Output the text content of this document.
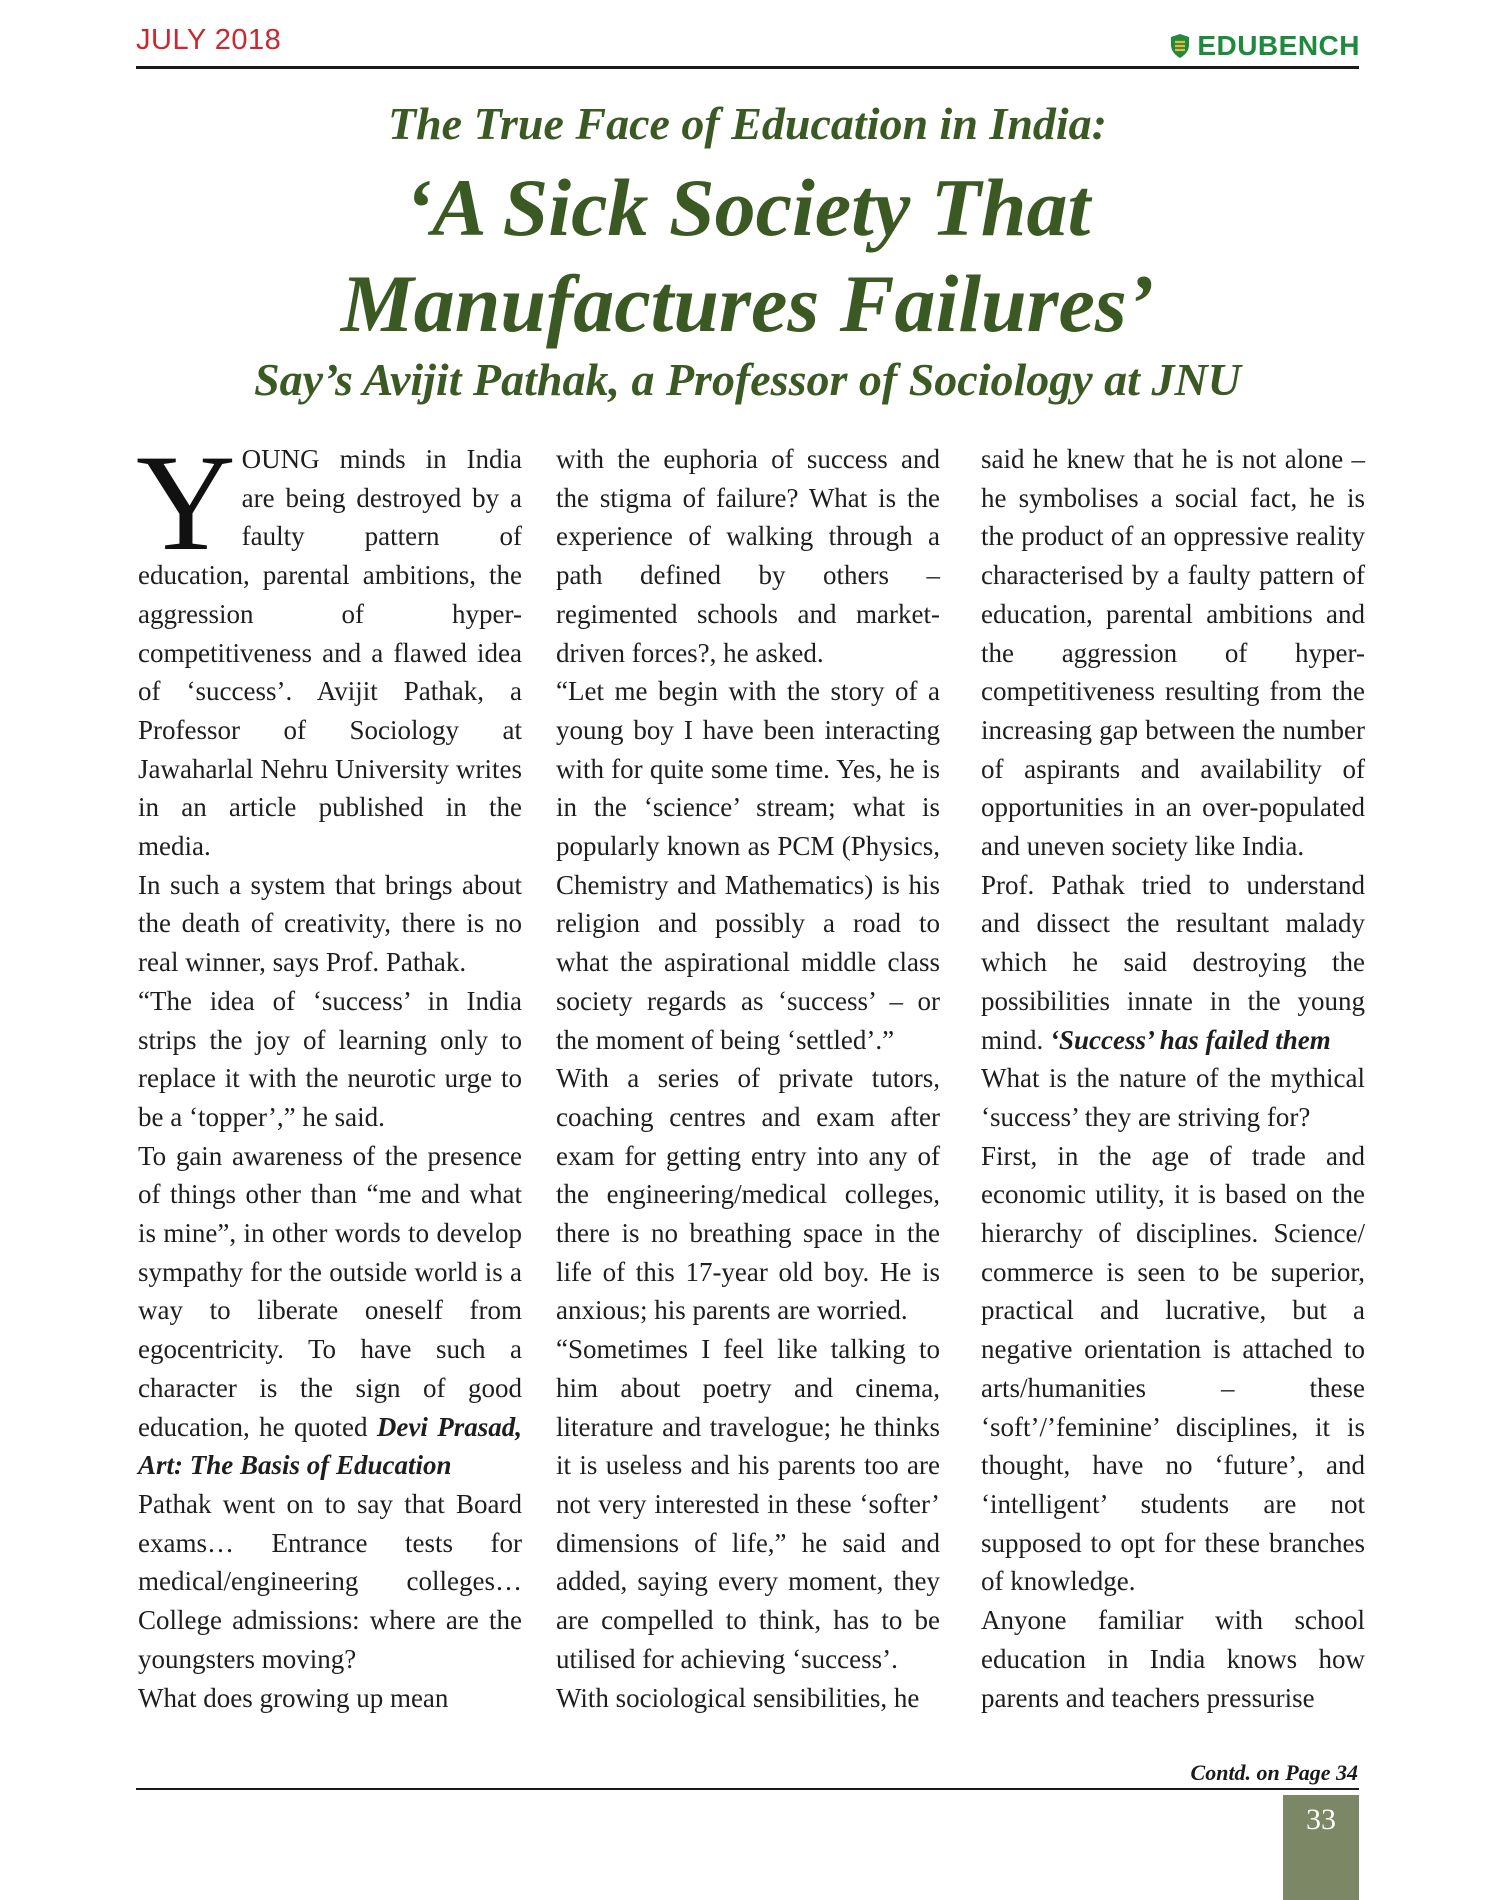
JULY 2018	EDUBENCH
The True Face of Education in India:
‘A Sick Society That
Manufactures Failures’
Say’s Avijit Pathak, a Professor of Sociology at JNU

YOUNG minds in India are being destroyed by a faulty pattern of education, parental ambitions, the aggression of hyper-competitiveness and a flawed idea of ‘success’. Avijit Pathak, a Professor of Sociology at Jawaharlal Nehru University writes in an article published in the media.

In such a system that brings about the death of creativity, there is no real winner, says Prof. Pathak.

“The idea of ‘success’ in India strips the joy of learning only to replace it with the neurotic urge to be a ‘topper’,” he said.

To gain awareness of the presence of things other than “me and what is mine”, in other words to develop sympathy for the outside world is a way to liberate oneself from egocentricity. To have such a character is the sign of good education, he quoted Devi Prasad, Art: The Basis of Education

Pathak went on to say that Board exams… Entrance tests for medical/engineering colleges… College admissions: where are the youngsters moving?

What does growing up mean

with the euphoria of success and the stigma of failure? What is the experience of walking through a path defined by others – regimented schools and market-driven forces?, he asked.

“Let me begin with the story of a young boy I have been interacting with for quite some time. Yes, he is in the ‘science’ stream; what is popularly known as PCM (Physics, Chemistry and Mathematics) is his religion and possibly a road to what the aspirational middle class society regards as ‘success’ – or the moment of being ‘settled’.”

With a series of private tutors, coaching centres and exam after exam for getting entry into any of the engineering/medical colleges, there is no breathing space in the life of this 17-year old boy. He is anxious; his parents are worried.

“Sometimes I feel like talking to him about poetry and cinema, literature and travelogue; he thinks it is useless and his parents too are not very interested in these ‘softer’ dimensions of life,” he said and added, saying every moment, they are compelled to think, has to be utilised for achieving ‘success’.

With sociological sensibilities, he

said he knew that he is not alone – he symbolises a social fact, he is the product of an oppressive reality characterised by a faulty pattern of education, parental ambitions and the aggression of hyper-competitiveness resulting from the increasing gap between the number of aspirants and availability of opportunities in an over-populated and uneven society like India.

Prof. Pathak tried to understand and dissect the resultant malady which he said destroying the possibilities innate in the young mind. ‘Success’ has failed them

What is the nature of the mythical ‘success’ they are striving for?

First, in the age of trade and economic utility, it is based on the hierarchy of disciplines. Science/ commerce is seen to be superior, practical and lucrative, but a negative orientation is attached to arts/humanities – these ‘soft’/’feminine’ disciplines, it is thought, have no ‘future’, and ‘intelligent’ students are not supposed to opt for these branches of knowledge.

Anyone familiar with school education in India knows how parents and teachers pressurise

Contd. on Page 34
33
